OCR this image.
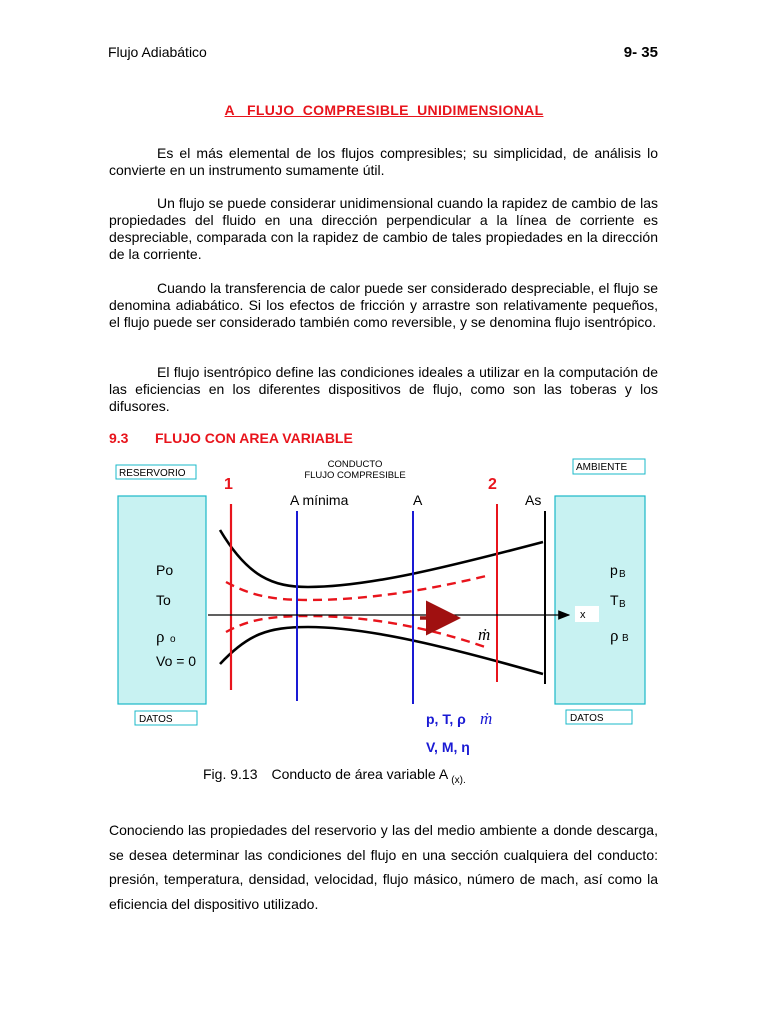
Flujo Adiabático	9- 35
A   FLUJO  COMPRESIBLE  UNIDIMENSIONAL

Es el más elemental de los flujos compresibles; su simplicidad, de análisis lo convierte en un instrumento sumamente útil.

Un flujo se puede considerar unidimensional cuando la rapidez de cambio de las propiedades del fluido en una dirección perpendicular a la línea de corriente es despreciable, comparada con la rapidez de cambio de tales propiedades en la dirección de la corriente.

Cuando la transferencia de calor puede ser considerado despreciable, el flujo se denomina adiabático. Si los efectos de fricción y arrastre son relativamente pequeños, el flujo puede ser considerado también como reversible, y se denomina flujo isentrópico.

El flujo isentrópico define las condiciones ideales a utilizar en la computación de las eficiencias en los diferentes dispositivos de flujo, como son las toberas y los difusores.

9.3 FLUJO CON AREA VARIABLE
RESERVORIO
AMBIENTE
CONDUCTO
FLUJO COMPRESIBLE
1	2
A mínima	A	As
x
ṁ
Po
To
ρ o
Vo = 0
p B
T B
ρ B
DATOS	DATOS
p, T, ρ ṁ
V, M, η
Fig. 9.13 Conducto de área variable A $_{(x).}$

Conociendo las propiedades del reservorio y las del medio ambiente a donde descarga, se desea determinar las condiciones del flujo en una sección cualquiera del conducto: presión, temperatura, densidad, velocidad, flujo másico, número de mach, así como la eficiencia del dispositivo utilizado.
